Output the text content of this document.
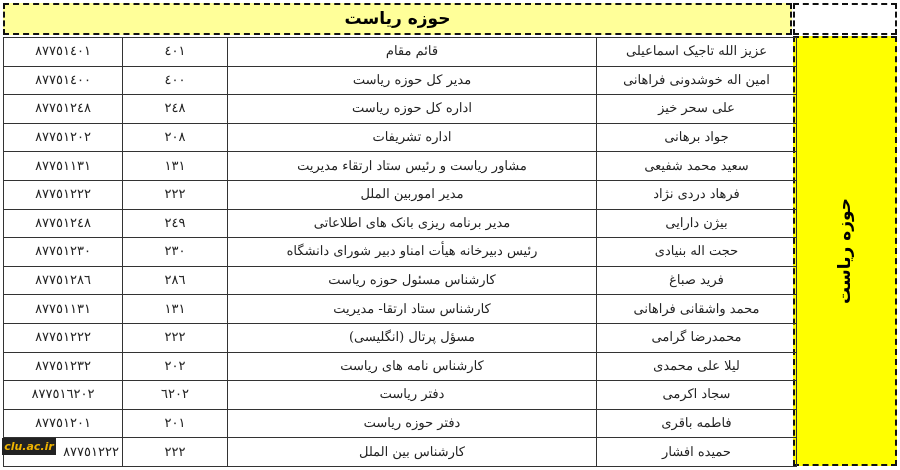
حوزه ریاست
حوزه ریاست
٨٧٧٥١٤٠١	٤٠١	قائم مقام	عزیز الله تاجیک اسماعیلی
٨٧٧٥١٤٠٠	٤٠٠	مدیر کل حوزه ریاست	امین اله خوشدونی فراهانی
٨٧٧٥١٢٤٨	٢٤٨	اداره کل حوزه ریاست	علی سحر خیز
٨٧٧٥١٢٠٢	٢٠٨	اداره تشریفات	جواد برهانی
٨٧٧٥١١٣١	١٣١	مشاور ریاست و رئیس ستاد ارتقاء مدیریت	سعید محمد شفیعی
٨٧٧٥١٢٢٢	٢٢٢	مدیر اموربین الملل	فرهاد دردی نژاد
٨٧٧٥١٢٤٨	٢٤٩	مدیر برنامه ریزی بانک های اطلاعاتی	بیژن دارایی
٨٧٧٥١٢٣٠	٢٣٠	رئیس دبیرخانه هیأت امناو دبیر شورای دانشگاه	حجت اله بنیادی
٨٧٧٥١٢٨٦	٢٨٦	کارشناس مسئول حوزه ریاست	فرید صباغ
٨٧٧٥١١٣١	١٣١	کارشناس ستاد ارتقا- مدیریت	محمد واشقانی فراهانی
٨٧٧٥١٢٢٢	٢٢٢	مسؤل پرتال (انگلیسی)	محمدرضا گرامی
٨٧٧٥١٢٣٢	٢٠٢	کارشناس نامه های ریاست	لیلا علی محمدی
٨٧٧٥١٦٢٠٢	٦٢٠٢	دفتر ریاست	سجاد اکرمی
٨٧٧٥١٢٠١	٢٠١	دفتر حوزه ریاست	فاطمه باقری
٨٧٧٥١٢٢٢	٢٢٢	کارشناس بین الملل	حمیده افشار
clu.ac.ir
